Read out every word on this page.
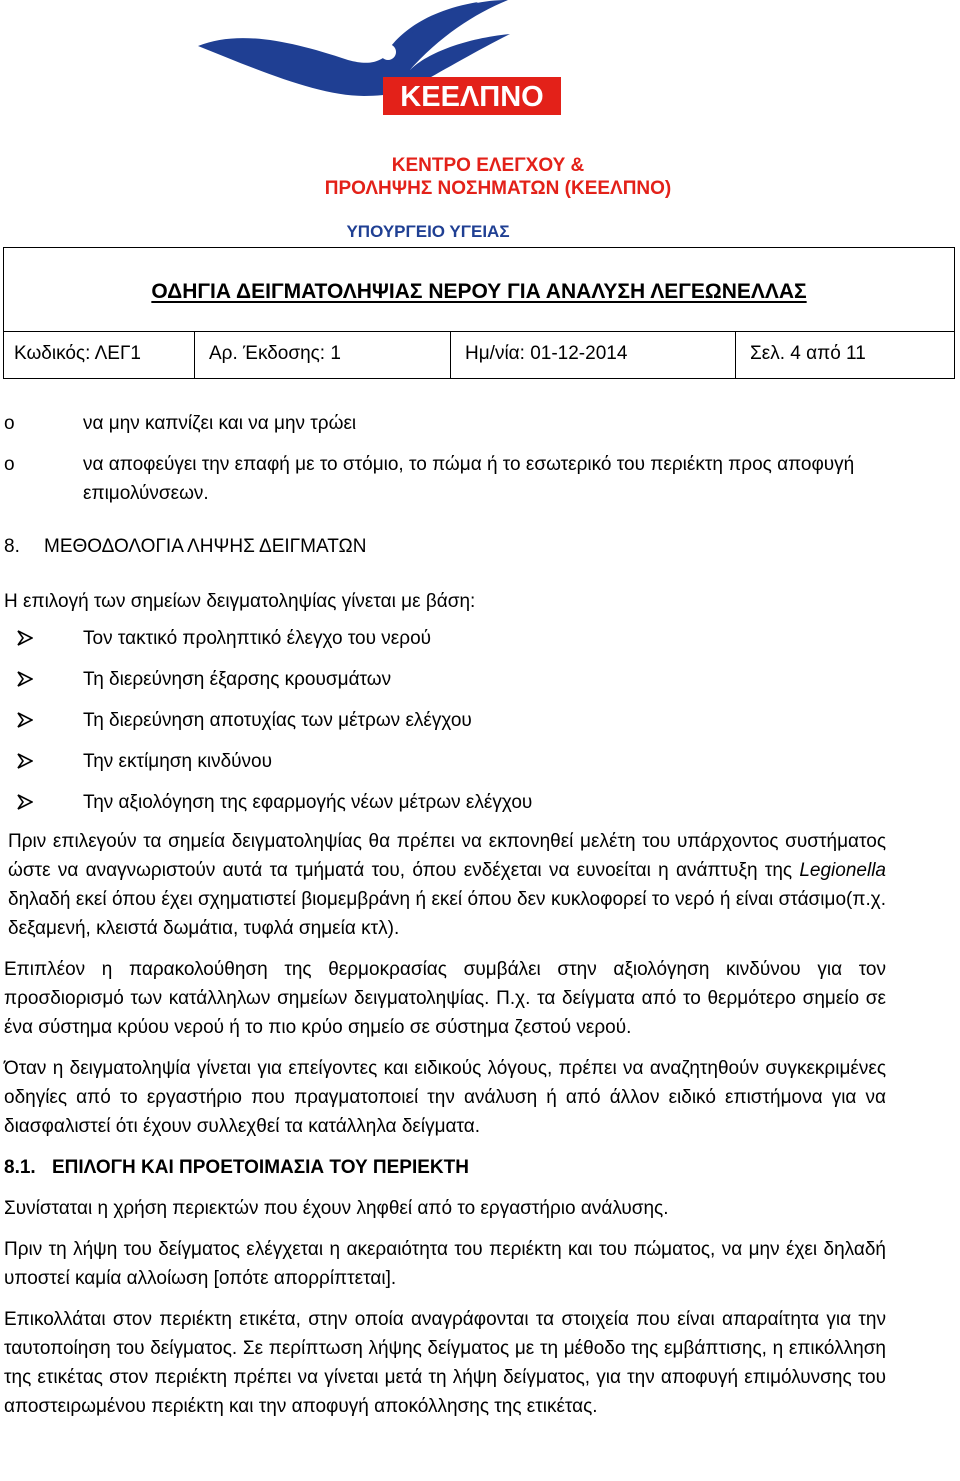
ΚΕΕΛΠΝΟ
ΚΕΝΤΡΟ ΕΛΕΓΧΟΥ &
ΠΡΟΛΗΨΗΣ ΝΟΣΗΜΑΤΩΝ (ΚΕΕΛΠΝΟ)
ΥΠΟΥΡΓΕΙΟ ΥΓΕΙΑΣ
ΟΔΗΓΙΑ ΔΕΙΓΜΑΤΟΛΗΨΙΑΣ ΝΕΡΟΥ ΓΙΑ ΑΝΑΛΥΣΗ ΛΕΓΕΩΝΕΛΛΑΣ
Κωδικός: ΛΕΓ1	Αρ. Έκδοσης: 1	Ημ/νία: 01-12-2014	Σελ. 4 από 11
o	να μην καπνίζει και να μην τρώει
o	να αποφεύγει την επαφή με το στόμιο, το πώμα ή το εσωτερικό του περιέκτη προς αποφυγή επιμολύνσεων.
8. ΜΕΘΟΔΟΛΟΓΙΑ ΛΗΨΗΣ ΔΕΙΓΜΑΤΩΝ
Η επιλογή των σημείων δειγματοληψίας γίνεται με βάση:
Τον τακτικό προληπτικό έλεγχο του νερού
Τη διερεύνηση έξαρσης κρουσμάτων
Τη διερεύνηση αποτυχίας των μέτρων ελέγχου
Την εκτίμηση κινδύνου
Την αξιολόγηση της εφαρμογής νέων μέτρων ελέγχου
Πριν επιλεγούν τα σημεία δειγματοληψίας θα πρέπει να εκπονηθεί μελέτη του υπάρχοντος συστήματος ώστε να αναγνωριστούν αυτά τα τμήματά του, όπου ενδέχεται να ευνοείται η ανάπτυξη της Legionella δηλαδή εκεί όπου έχει σχηματιστεί βιομεμβράνη ή εκεί όπου δεν κυκλοφορεί το νερό ή είναι στάσιμο(π.χ. δεξαμενή, κλειστά δωμάτια, τυφλά σημεία κτλ).
Επιπλέον η παρακολούθηση της θερμοκρασίας συμβάλει στην αξιολόγηση κινδύνου για τον προσδιορισμό των κατάλληλων σημείων δειγματοληψίας. Π.χ. τα δείγματα από το θερμότερο σημείο σε ένα σύστημα κρύου νερού ή το πιο κρύο σημείο σε σύστημα ζεστού νερού.
Όταν η δειγματοληψία γίνεται για επείγοντες και ειδικούς λόγους, πρέπει να αναζητηθούν συγκεκριμένες οδηγίες από το εργαστήριο που πραγματοποιεί την ανάλυση ή από άλλον ειδικό επιστήμονα για να διασφαλιστεί ότι έχουν συλλεχθεί τα κατάλληλα δείγματα.
8.1. ΕΠΙΛΟΓΗ ΚΑΙ ΠΡΟΕΤΟΙΜΑΣΙΑ ΤΟΥ ΠΕΡΙΕΚΤΗ
Συνίσταται η χρήση περιεκτών που έχουν ληφθεί από το εργαστήριο ανάλυσης.
Πριν τη λήψη του δείγματος ελέγχεται η ακεραιότητα του περιέκτη και του πώματος, να μην έχει δηλαδή υποστεί καμία αλλοίωση [οπότε απορρίπτεται].
Επικολλάται στον περιέκτη ετικέτα, στην οποία αναγράφονται τα στοιχεία που είναι απαραίτητα για την ταυτοποίηση του δείγματος. Σε περίπτωση λήψης δείγματος με τη μέθοδο της εμβάπτισης, η επικόλληση της ετικέτας στον περιέκτη πρέπει να γίνεται μετά τη λήψη δείγματος, για την αποφυγή επιμόλυνσης του αποστειρωμένου περιέκτη και την αποφυγή αποκόλλησης της ετικέτας.
